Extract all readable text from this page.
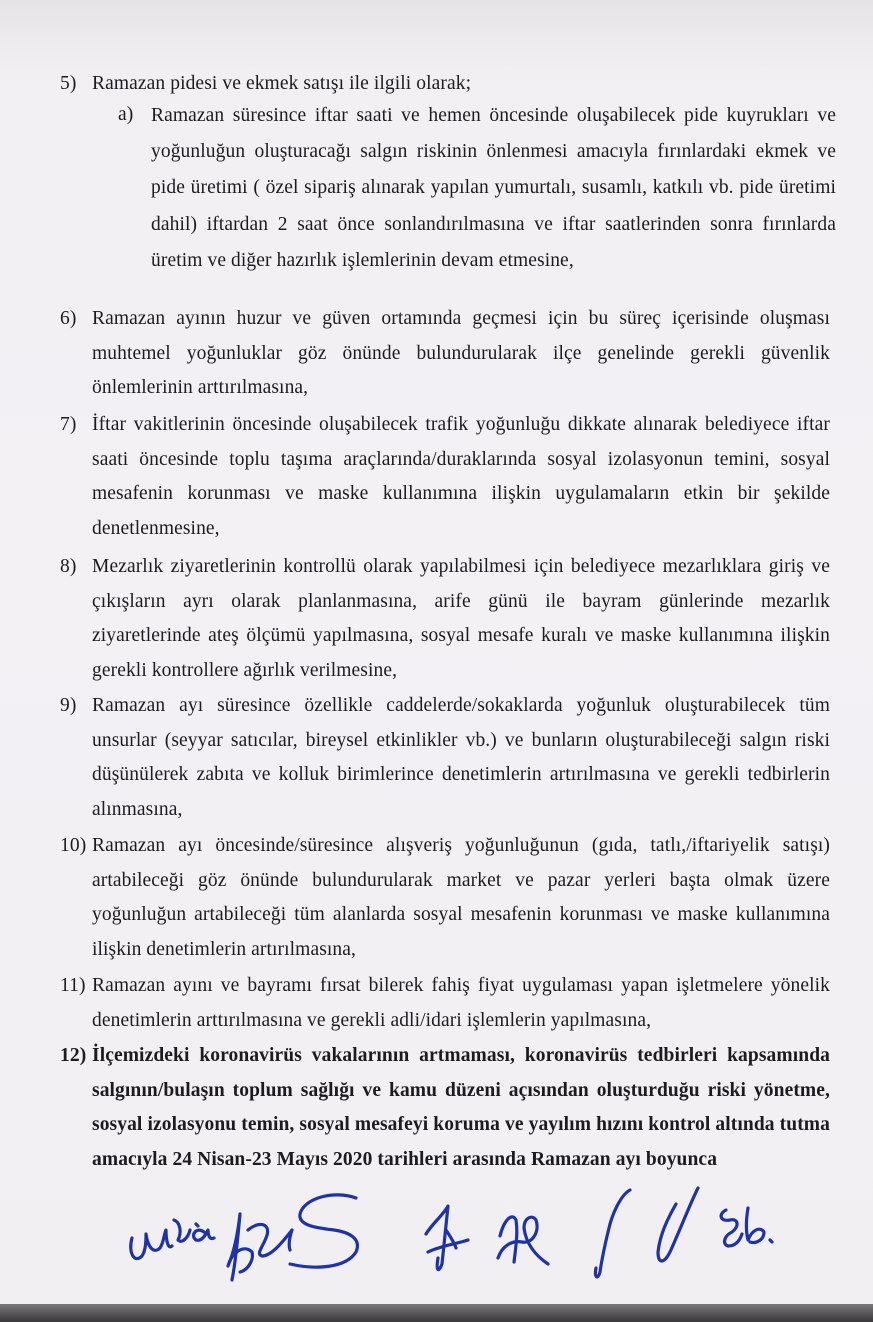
5) Ramazan pidesi ve ekmek satışı ile ilgili olarak;
a) Ramazan süresince iftar saati ve hemen öncesinde oluşabilecek pide kuyrukları ve yoğunluğun oluşturacağı salgın riskinin önlenmesi amacıyla fırınlardaki ekmek ve pide üretimi ( özel sipariş alınarak yapılan yumurtalı, susamlı, katkılı vb. pide üretimi dahil) iftardan 2 saat önce sonlandırılmasına ve iftar saatlerinden sonra fırınlarda üretim ve diğer hazırlık işlemlerinin devam etmesine,
6) Ramazan ayının huzur ve güven ortamında geçmesi için bu süreç içerisinde oluşması muhtemel yoğunluklar göz önünde bulundurularak ilçe genelinde gerekli güvenlik önlemlerinin arttırılmasına,
7) İftar vakitlerinin öncesinde oluşabilecek trafik yoğunluğu dikkate alınarak belediyece iftar saati öncesinde toplu taşıma araçlarında/duraklarında sosyal izolasyonun temini, sosyal mesafenin korunması ve maske kullanımına ilişkin uygulamaların etkin bir şekilde denetlenmesine,
8) Mezarlık ziyaretlerinin kontrollü olarak yapılabilmesi için belediyece mezarlıklara giriş ve çıkışların ayrı olarak planlanmasına, arife günü ile bayram günlerinde mezarlık ziyaretlerinde ateş ölçümü yapılmasına, sosyal mesafe kuralı ve maske kullanımına ilişkin gerekli kontrollere ağırlık verilmesine,
9) Ramazan ayı süresince özellikle caddelerde/sokaklarda yoğunluk oluşturabilecek tüm unsurlar (seyyar satıcılar, bireysel etkinlikler vb.) ve bunların oluşturabileceği salgın riski düşünülerek zabıta ve kolluk birimlerince denetimlerin artırılmasına ve gerekli tedbirlerin alınmasına,
10) Ramazan ayı öncesinde/süresince alışveriş yoğunluğunun (gıda, tatlı,/iftariyelik satışı) artabileceği göz önünde bulundurularak market ve pazar yerleri başta olmak üzere yoğunluğun artabileceği tüm alanlarda sosyal mesafenin korunması ve maske kullanımına ilişkin denetimlerin artırılmasına,
11) Ramazan ayını ve bayramı fırsat bilerek fahiş fiyat uygulaması yapan işletmelere yönelik denetimlerin arttırılmasına ve gerekli adli/idari işlemlerin yapılmasına,
12) İlçemizdeki koronavirüs vakalarının artmaması, koronavirüs tedbirleri kapsamında salgının/bulaşın toplum sağlığı ve kamu düzeni açısından oluşturduğu riski yönetme, sosyal izolasyonu temin, sosyal mesafeyi koruma ve yayılım hızını kontrol altında tutma amacıyla 24 Nisan-23 Mayıs 2020 tarihleri arasında Ramazan ayı boyunca
